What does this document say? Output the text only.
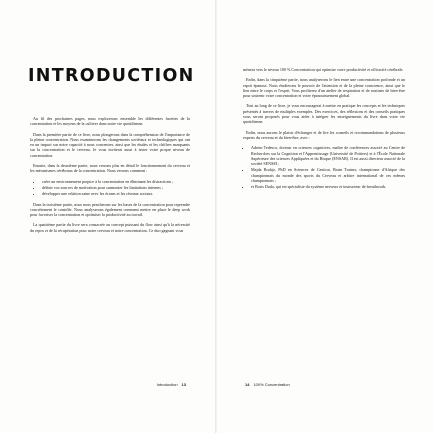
INTRODUCTION

Au fil des prochaines pages, nous explorerons ensemble les différentes facettes de la concentration et les moyens de la cultiver dans notre vie quotidienne.

Dans la première partie de ce livre, nous plongerons dans la compréhension de l'importance de la pleine concentration. Nous examinerons les changements sociétaux et technologiques qui ont eu un impact sur notre capacité à nous concentrer, ainsi que les études et les chiffres marquants sur la concentration et le cerveau. Je vous inviterai aussi à tester votre propre niveau de concentration.

Ensuite, dans la deuxième partie, nous verrons plus en détail le fonctionnement du cerveau et les mécanismes cérébraux de la concentration. Nous verrons comment :

• créer un environnement propice à la concentration en éliminant les distractions ;
• définir vos sources de motivation pour surmonter les limitations internes ;
• développer une relation saine avec les écrans et les réseaux sociaux.

Dans la troisième partie, nous nous pencherons sur les bases de la concentration pour reprendre concrètement le contrôle. Nous analyserons également comment mettre en place le deep work pour favoriser la concentration et optimiser la productivité au travail.

La quatrième partie du livre sera consacrée au concept puissant du flow ainsi qu'à la nécessité du repos et de la récupération pour notre cerveau et notre concentration. Ce duo gagnant vous

Introduction 13

mènera vers le niveau 100 % Concentration qui optimise votre productivité et efficacité cérébrale.

Enfin, dans la cinquième partie, nous analyserons le lien entre une concentration profonde et un esprit épanoui. Nous étudierons le pouvoir de l'attention et de la pleine conscience, ainsi que le lien entre le corps et l'esprit. Vous profiterez d'un atelier de respiration et de routines de bien-être pour soutenir votre concentration et votre épanouissement global.

Tout au long de ce livre, je vous encouragerai à mettre en pratique les concepts et les techniques présentés à travers de multiples exemples. Des exercices, des réflexions et des conseils pratiques vous seront proposés pour vous aider à intégrer les enseignements du livre dans votre vie quotidienne.

Enfin, nous aurons le plaisir d'échanger et de lire les conseils et recommandations de plusieurs experts du cerveau et du bien-être, avec :

• Adrien Tedesco, docteur en sciences cognitives, maître de conférences associé au Centre de Recherches sur la Cognition et l'Apprentissage (Université de Poitiers) et à l'École Nationale Supérieure des sciences Appliquées et du Risque (ENSAR). Il est aussi directeur associé de la société SENSEI ;
• Majda Brahjo, PhD en Sciences de Gestion, Brain Trainer, championne d'Afrique des championnats du monde des sports du Cerveau et arbitre international de ces mêmes championnats ;
• et Boris Duda, qui est spécialiste du système nerveux et instructeur de breathwork.
14 100% Concentration
